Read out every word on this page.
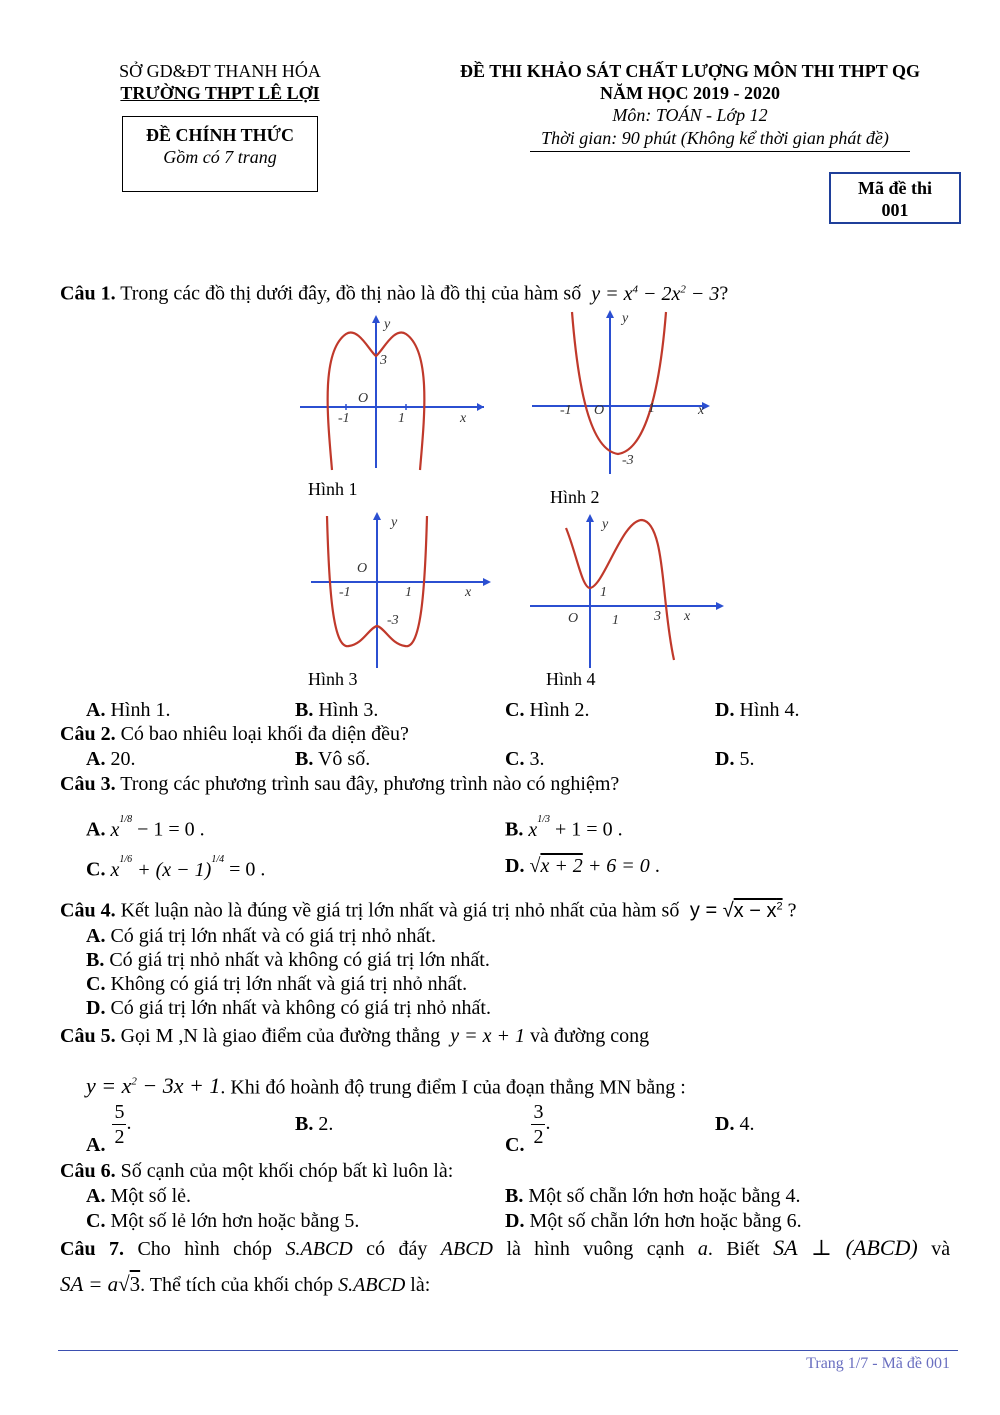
SỞ GD&ĐT THANH HÓA
TRƯỜNG THPT LÊ LỢI
ĐỀ CHÍNH THỨC
Gồm có 7 trang
ĐỀ THI KHẢO SÁT CHẤT LƯỢNG MÔN THI THPT QG
NĂM HỌC 2019 - 2020
Môn: TOÁN - Lớp 12
Thời gian: 90 phút (Không kể thời gian phát đề)
Mã đề thi
001
Câu 1. Trong các đồ thị dưới đây, đồ thị nào là đồ thị của hàm số  $y = x^4 - 2x^2 - 3$?
y
3
O
-1	1	x
Hình 1
y
-1 O	1	x
-3
Hình 2
y
O
-1	1	x
-3
Hình 3
y
1
O 1	3 x
Hình 4
A. Hình 1.	B. Hình 3.	C. Hình 2.	D. Hình 4.
Câu 2. Có bao nhiêu loại khối đa diện đều?
A. 20.	B. Vô số.	C. 3.	D. 5.
Câu 3. Trong các phương trình sau đây, phương trình nào có nghiệm?
A. $x^{1/8} - 1 = 0$ .	B. $x^{1/3} + 1 = 0$ .
C. $x^{1/6} + (x - 1)^{1/4} = 0$ .	D. √x + 2 + 6 = 0 .
Câu 4. Kết luận nào là đúng về giá trị lớn nhất và giá trị nhỏ nhất của hàm số  $y = √x - x^2$ ?
A. Có giá trị lớn nhất và có giá trị nhỏ nhất.
B. Có giá trị nhỏ nhất và không có giá trị lớn nhất.
C. Không có giá trị lớn nhất và giá trị nhỏ nhất.
D. Có giá trị lớn nhất và không có giá trị nhỏ nhất.
Câu 5. Gọi M ,N là giao điểm của đường thẳng  y = x + 1 và đường cong
$y = x^2 - 3x + 1$. Khi đó hoành độ trung điểm I của đoạn thẳng MN bằng :
A. $\frac{5}{2}$ .	B. 2.
C. $\frac{3}{2}$ .	D. 4.
Câu 6. Số cạnh của một khối chóp bất kì luôn là:
A. Một số lẻ.	B. Một số chẵn lớn hơn hoặc bằng 4.
C. Một số lẻ lớn hơn hoặc bằng 5.	D. Một số chẵn lớn hơn hoặc bằng 6.
Câu 7. Cho hình chóp S.ABCD có đáy ABCD là hình vuông cạnh a. Biết SA ⊥ (ABCD) và
SA = a√3. Thể tích của khối chóp S.ABCD là:
Trang 1/7 - Mã đề 001
